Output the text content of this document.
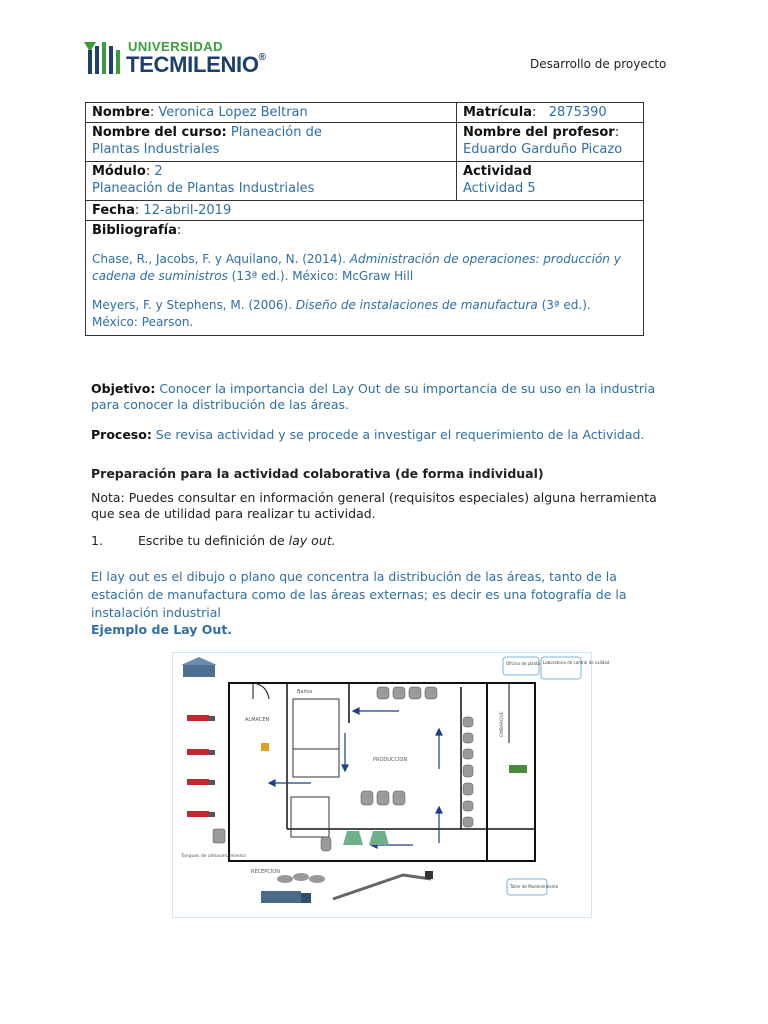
UNIVERSIDAD
TECMILENIO®	Desarrollo de proyecto
Nombre: Veronica Lopez Beltran	Matrícula:   2875390
Nombre del curso: Planeación de
Plantas Industriales	Nombre del profesor:
Eduardo Garduño Picazo
Módulo: 2
Planeación de Plantas Industriales	Actividad
Actividad 5
Fecha: 12-abril-2019	

Bibliografía:
Chase, R., Jacobs, F. y Aquilano, N. (2014). Administración de operaciones: producción y cadena de suministros (13ª ed.). México: McGraw Hill
Meyers, F. y Stephens, M. (2006). Diseño de instalaciones de manufactura (3ª ed.). México: Pearson.	
Objetivo: Conocer la importancia del Lay Out de su importancia de su uso en la industria para conocer la distribución de las áreas.
Proceso: Se revisa actividad y se procede a investigar el requerimiento de la Actividad.
Preparación para la actividad colaborativa (de forma individual)
Nota: Puedes consultar en información general (requisitos especiales) alguna herramienta que sea de utilidad para realizar tu actividad.
1.	Escribe tu definición de lay out.
El lay out es el dibujo o plano que concentra la distribución de las áreas, tanto de la estación de manufactura como de las áreas externas; es decir es una fotografía de la instalación industrial
Ejemplo de Lay Out.
Baños
ALMACEN
PRODUCCION
RECEPCION
Tanques de almacenamiento
EMBARQUE
Oficina de planta Laboratorio de control de calidad
Taller de Mantenimiento
